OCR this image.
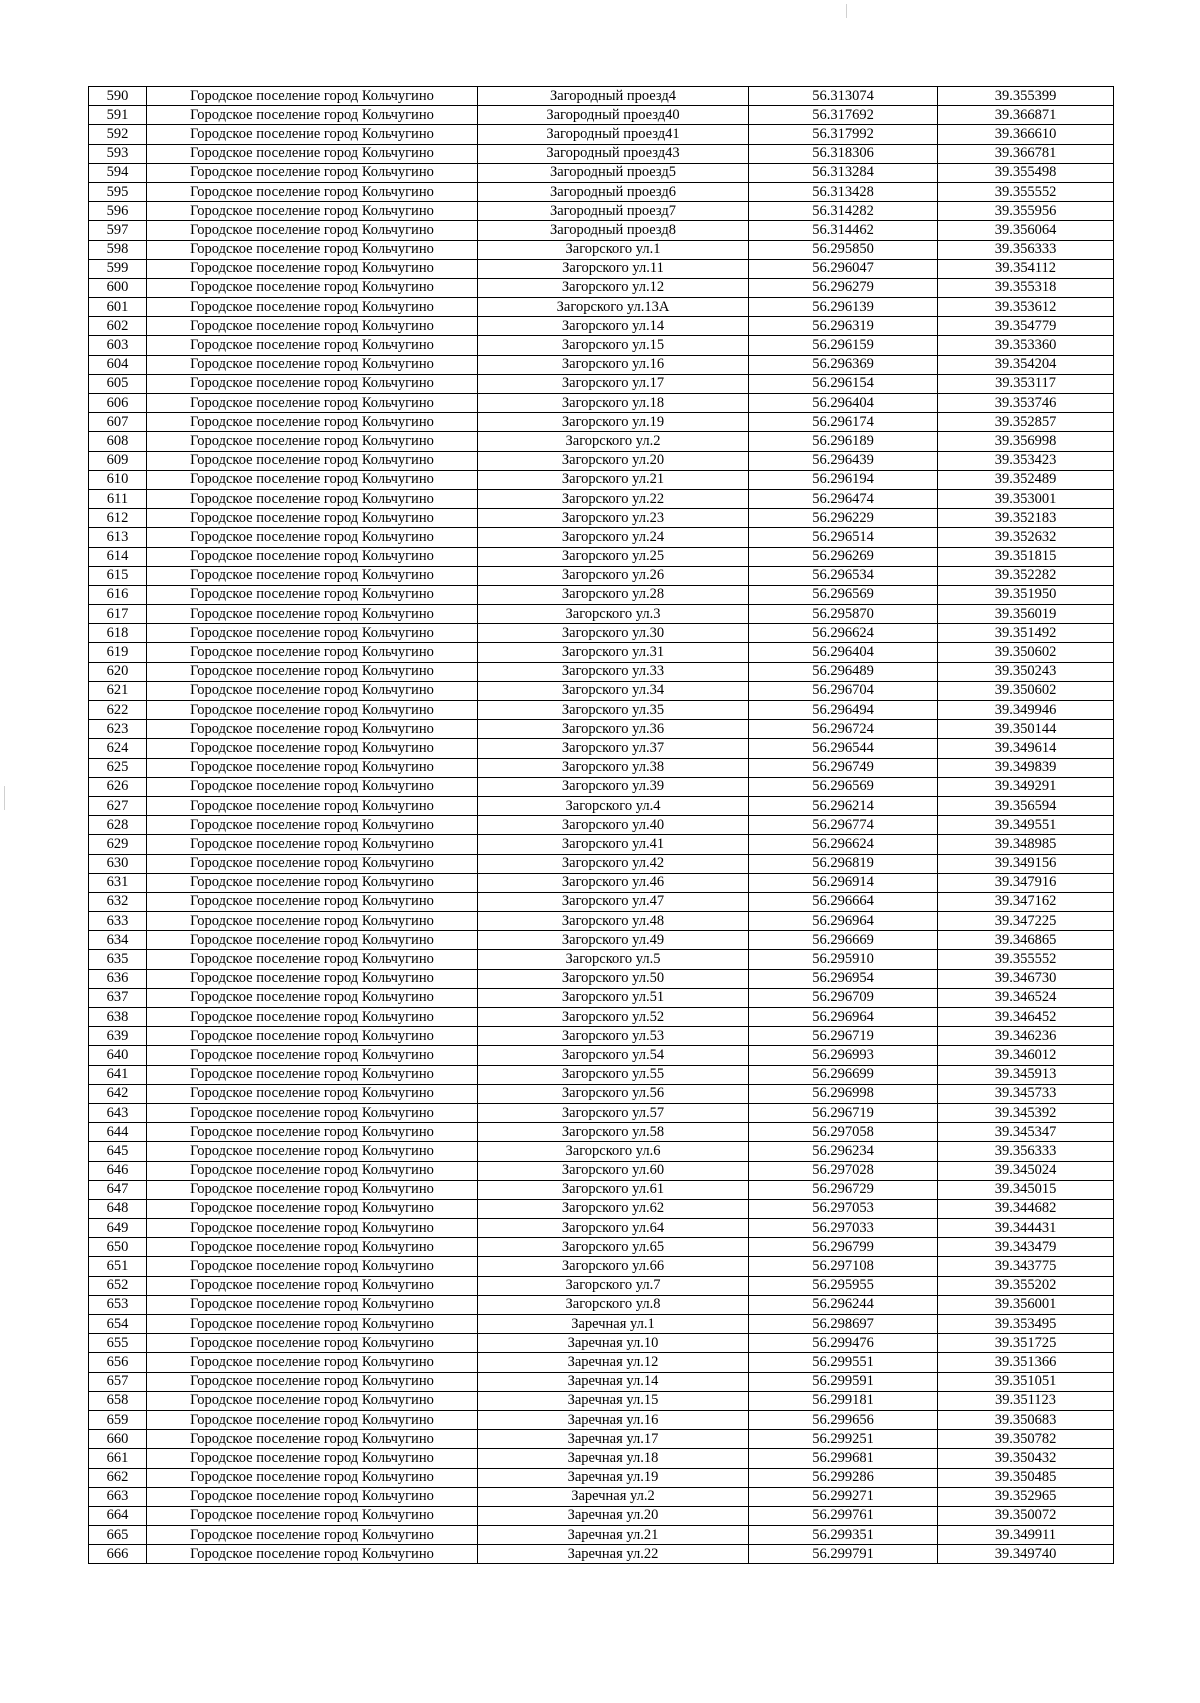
590	Городское поселение город Кольчугино	Загородный проезд4	56.313074	39.355399
591	Городское поселение город Кольчугино	Загородный проезд40	56.317692	39.366871
592	Городское поселение город Кольчугино	Загородный проезд41	56.317992	39.366610
593	Городское поселение город Кольчугино	Загородный проезд43	56.318306	39.366781
594	Городское поселение город Кольчугино	Загородный проезд5	56.313284	39.355498
595	Городское поселение город Кольчугино	Загородный проезд6	56.313428	39.355552
596	Городское поселение город Кольчугино	Загородный проезд7	56.314282	39.355956
597	Городское поселение город Кольчугино	Загородный проезд8	56.314462	39.356064
598	Городское поселение город Кольчугино	Загорского ул.1	56.295850	39.356333
599	Городское поселение город Кольчугино	Загорского ул.11	56.296047	39.354112
600	Городское поселение город Кольчугино	Загорского ул.12	56.296279	39.355318
601	Городское поселение город Кольчугино	Загорского ул.13А	56.296139	39.353612
602	Городское поселение город Кольчугино	Загорского ул.14	56.296319	39.354779
603	Городское поселение город Кольчугино	Загорского ул.15	56.296159	39.353360
604	Городское поселение город Кольчугино	Загорского ул.16	56.296369	39.354204
605	Городское поселение город Кольчугино	Загорского ул.17	56.296154	39.353117
606	Городское поселение город Кольчугино	Загорского ул.18	56.296404	39.353746
607	Городское поселение город Кольчугино	Загорского ул.19	56.296174	39.352857
608	Городское поселение город Кольчугино	Загорского ул.2	56.296189	39.356998
609	Городское поселение город Кольчугино	Загорского ул.20	56.296439	39.353423
610	Городское поселение город Кольчугино	Загорского ул.21	56.296194	39.352489
611	Городское поселение город Кольчугино	Загорского ул.22	56.296474	39.353001
612	Городское поселение город Кольчугино	Загорского ул.23	56.296229	39.352183
613	Городское поселение город Кольчугино	Загорского ул.24	56.296514	39.352632
614	Городское поселение город Кольчугино	Загорского ул.25	56.296269	39.351815
615	Городское поселение город Кольчугино	Загорского ул.26	56.296534	39.352282
616	Городское поселение город Кольчугино	Загорского ул.28	56.296569	39.351950
617	Городское поселение город Кольчугино	Загорского ул.3	56.295870	39.356019
618	Городское поселение город Кольчугино	Загорского ул.30	56.296624	39.351492
619	Городское поселение город Кольчугино	Загорского ул.31	56.296404	39.350602
620	Городское поселение город Кольчугино	Загорского ул.33	56.296489	39.350243
621	Городское поселение город Кольчугино	Загорского ул.34	56.296704	39.350602
622	Городское поселение город Кольчугино	Загорского ул.35	56.296494	39.349946
623	Городское поселение город Кольчугино	Загорского ул.36	56.296724	39.350144
624	Городское поселение город Кольчугино	Загорского ул.37	56.296544	39.349614
625	Городское поселение город Кольчугино	Загорского ул.38	56.296749	39.349839
626	Городское поселение город Кольчугино	Загорского ул.39	56.296569	39.349291
627	Городское поселение город Кольчугино	Загорского ул.4	56.296214	39.356594
628	Городское поселение город Кольчугино	Загорского ул.40	56.296774	39.349551
629	Городское поселение город Кольчугино	Загорского ул.41	56.296624	39.348985
630	Городское поселение город Кольчугино	Загорского ул.42	56.296819	39.349156
631	Городское поселение город Кольчугино	Загорского ул.46	56.296914	39.347916
632	Городское поселение город Кольчугино	Загорского ул.47	56.296664	39.347162
633	Городское поселение город Кольчугино	Загорского ул.48	56.296964	39.347225
634	Городское поселение город Кольчугино	Загорского ул.49	56.296669	39.346865
635	Городское поселение город Кольчугино	Загорского ул.5	56.295910	39.355552
636	Городское поселение город Кольчугино	Загорского ул.50	56.296954	39.346730
637	Городское поселение город Кольчугино	Загорского ул.51	56.296709	39.346524
638	Городское поселение город Кольчугино	Загорского ул.52	56.296964	39.346452
639	Городское поселение город Кольчугино	Загорского ул.53	56.296719	39.346236
640	Городское поселение город Кольчугино	Загорского ул.54	56.296993	39.346012
641	Городское поселение город Кольчугино	Загорского ул.55	56.296699	39.345913
642	Городское поселение город Кольчугино	Загорского ул.56	56.296998	39.345733
643	Городское поселение город Кольчугино	Загорского ул.57	56.296719	39.345392
644	Городское поселение город Кольчугино	Загорского ул.58	56.297058	39.345347
645	Городское поселение город Кольчугино	Загорского ул.6	56.296234	39.356333
646	Городское поселение город Кольчугино	Загорского ул.60	56.297028	39.345024
647	Городское поселение город Кольчугино	Загорского ул.61	56.296729	39.345015
648	Городское поселение город Кольчугино	Загорского ул.62	56.297053	39.344682
649	Городское поселение город Кольчугино	Загорского ул.64	56.297033	39.344431
650	Городское поселение город Кольчугино	Загорского ул.65	56.296799	39.343479
651	Городское поселение город Кольчугино	Загорского ул.66	56.297108	39.343775
652	Городское поселение город Кольчугино	Загорского ул.7	56.295955	39.355202
653	Городское поселение город Кольчугино	Загорского ул.8	56.296244	39.356001
654	Городское поселение город Кольчугино	Заречная ул.1	56.298697	39.353495
655	Городское поселение город Кольчугино	Заречная ул.10	56.299476	39.351725
656	Городское поселение город Кольчугино	Заречная ул.12	56.299551	39.351366
657	Городское поселение город Кольчугино	Заречная ул.14	56.299591	39.351051
658	Городское поселение город Кольчугино	Заречная ул.15	56.299181	39.351123
659	Городское поселение город Кольчугино	Заречная ул.16	56.299656	39.350683
660	Городское поселение город Кольчугино	Заречная ул.17	56.299251	39.350782
661	Городское поселение город Кольчугино	Заречная ул.18	56.299681	39.350432
662	Городское поселение город Кольчугино	Заречная ул.19	56.299286	39.350485
663	Городское поселение город Кольчугино	Заречная ул.2	56.299271	39.352965
664	Городское поселение город Кольчугино	Заречная ул.20	56.299761	39.350072
665	Городское поселение город Кольчугино	Заречная ул.21	56.299351	39.349911
666	Городское поселение город Кольчугино	Заречная ул.22	56.299791	39.349740
